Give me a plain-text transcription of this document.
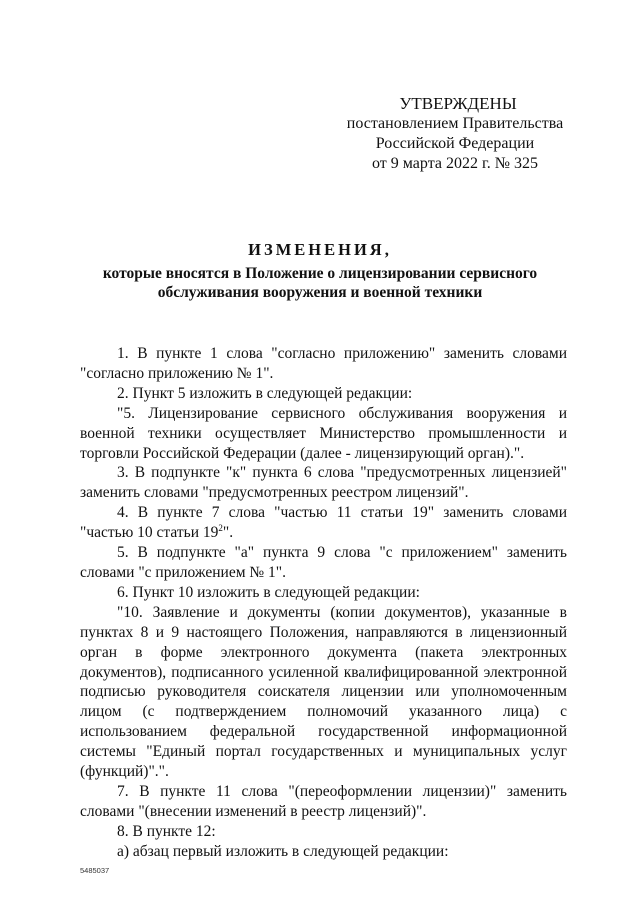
УТВЕРЖДЕНЫ
постановлением Правительства
Российской Федерации
от 9 марта 2022 г. № 325
ИЗМЕНЕНИЯ,
которые вносятся в Положение о лицензировании сервисного
обслуживания вооружения и военной техники

1. В пункте 1 слова "согласно приложению" заменить словами "согласно приложению № 1".

2. Пункт 5 изложить в следующей редакции:

"5. Лицензирование сервисного обслуживания вооружения и военной техники осуществляет Министерство промышленности и торговли Российской Федерации (далее - лицензирующий орган).".

3. В подпункте "к" пункта 6 слова "предусмотренных лицензией" заменить словами "предусмотренных реестром лицензий".

4. В пункте 7 слова "частью 11 статьи 19" заменить словами "частью 10 статьи $19^2$".

5. В подпункте "а" пункта 9 слова "с приложением" заменить словами "с приложением № 1".

6. Пункт 10 изложить в следующей редакции:

"10. Заявление и документы (копии документов), указанные в пунктах 8 и 9 настоящего Положения, направляются в лицензионный орган в форме электронного документа (пакета электронных документов), подписанного усиленной квалифицированной электронной подписью руководителя соискателя лицензии или уполномоченным лицом (с подтверждением полномочий указанного лица) с использованием федеральной государственной информационной системы "Единый портал государственных и муниципальных услуг (функций)".".

7. В пункте 11 слова "(переоформлении лицензии)" заменить словами "(внесении изменений в реестр лицензий)".

8. В пункте 12:

а) абзац первый изложить в следующей редакции:

5485037
